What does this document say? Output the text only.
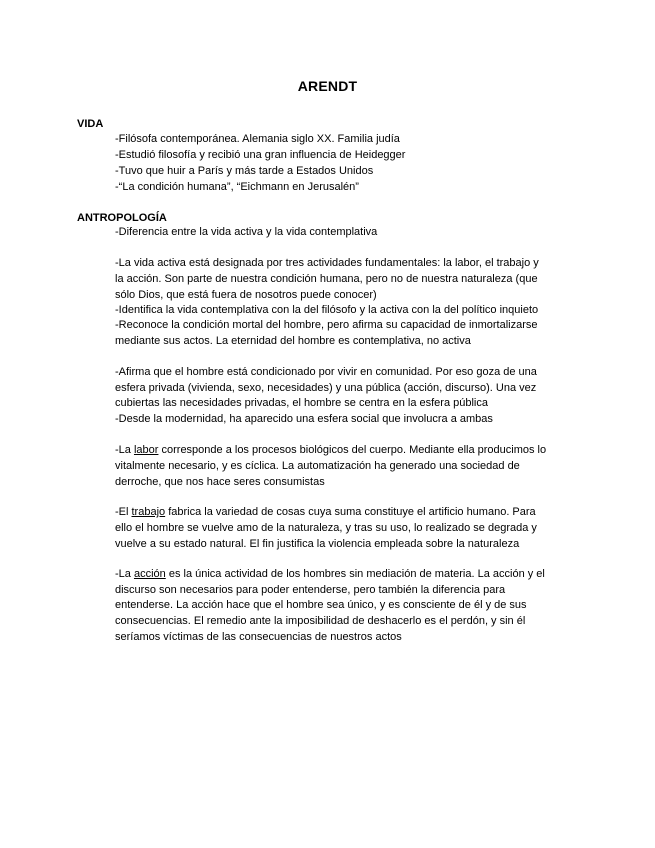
ARENDT
VIDA
-Filósofa contemporánea. Alemania siglo XX. Familia judía
-Estudió filosofía y recibió una gran influencia de Heidegger
-Tuvo que huir a París y más tarde a Estados Unidos
-“La condición humana”, “Eichmann en Jerusalén”
ANTROPOLOGÍA
-Diferencia entre la vida activa y la vida contemplativa
-La vida activa está designada por tres actividades fundamentales: la labor, el trabajo y
la acción. Son parte de nuestra condición humana, pero no de nuestra naturaleza (que
sólo Dios, que está fuera de nosotros puede conocer)
-Identifica la vida contemplativa con la del filósofo y la activa con la del político inquieto
-Reconoce la condición mortal del hombre, pero afirma su capacidad de inmortalizarse
mediante sus actos. La eternidad del hombre es contemplativa, no activa
-Afirma que el hombre está condicionado por vivir en comunidad. Por eso goza de una
esfera privada (vivienda, sexo, necesidades) y una pública (acción, discurso). Una vez
cubiertas las necesidades privadas, el hombre se centra en la esfera pública
-Desde la modernidad, ha aparecido una esfera social que involucra a ambas
-La labor corresponde a los procesos biológicos del cuerpo. Mediante ella producimos lo
vitalmente necesario, y es cíclica. La automatización ha generado una sociedad de
derroche, que nos hace seres consumistas
-El trabajo fabrica la variedad de cosas cuya suma constituye el artificio humano. Para
ello el hombre se vuelve amo de la naturaleza, y tras su uso, lo realizado se degrada y
vuelve a su estado natural. El fin justifica la violencia empleada sobre la naturaleza
-La acción es la única actividad de los hombres sin mediación de materia. La acción y el
discurso son necesarios para poder entenderse, pero también la diferencia para
entenderse. La acción hace que el hombre sea único, y es consciente de él y de sus
consecuencias. El remedio ante la imposibilidad de deshacerlo es el perdón, y sin él
seríamos víctimas de las consecuencias de nuestros actos
